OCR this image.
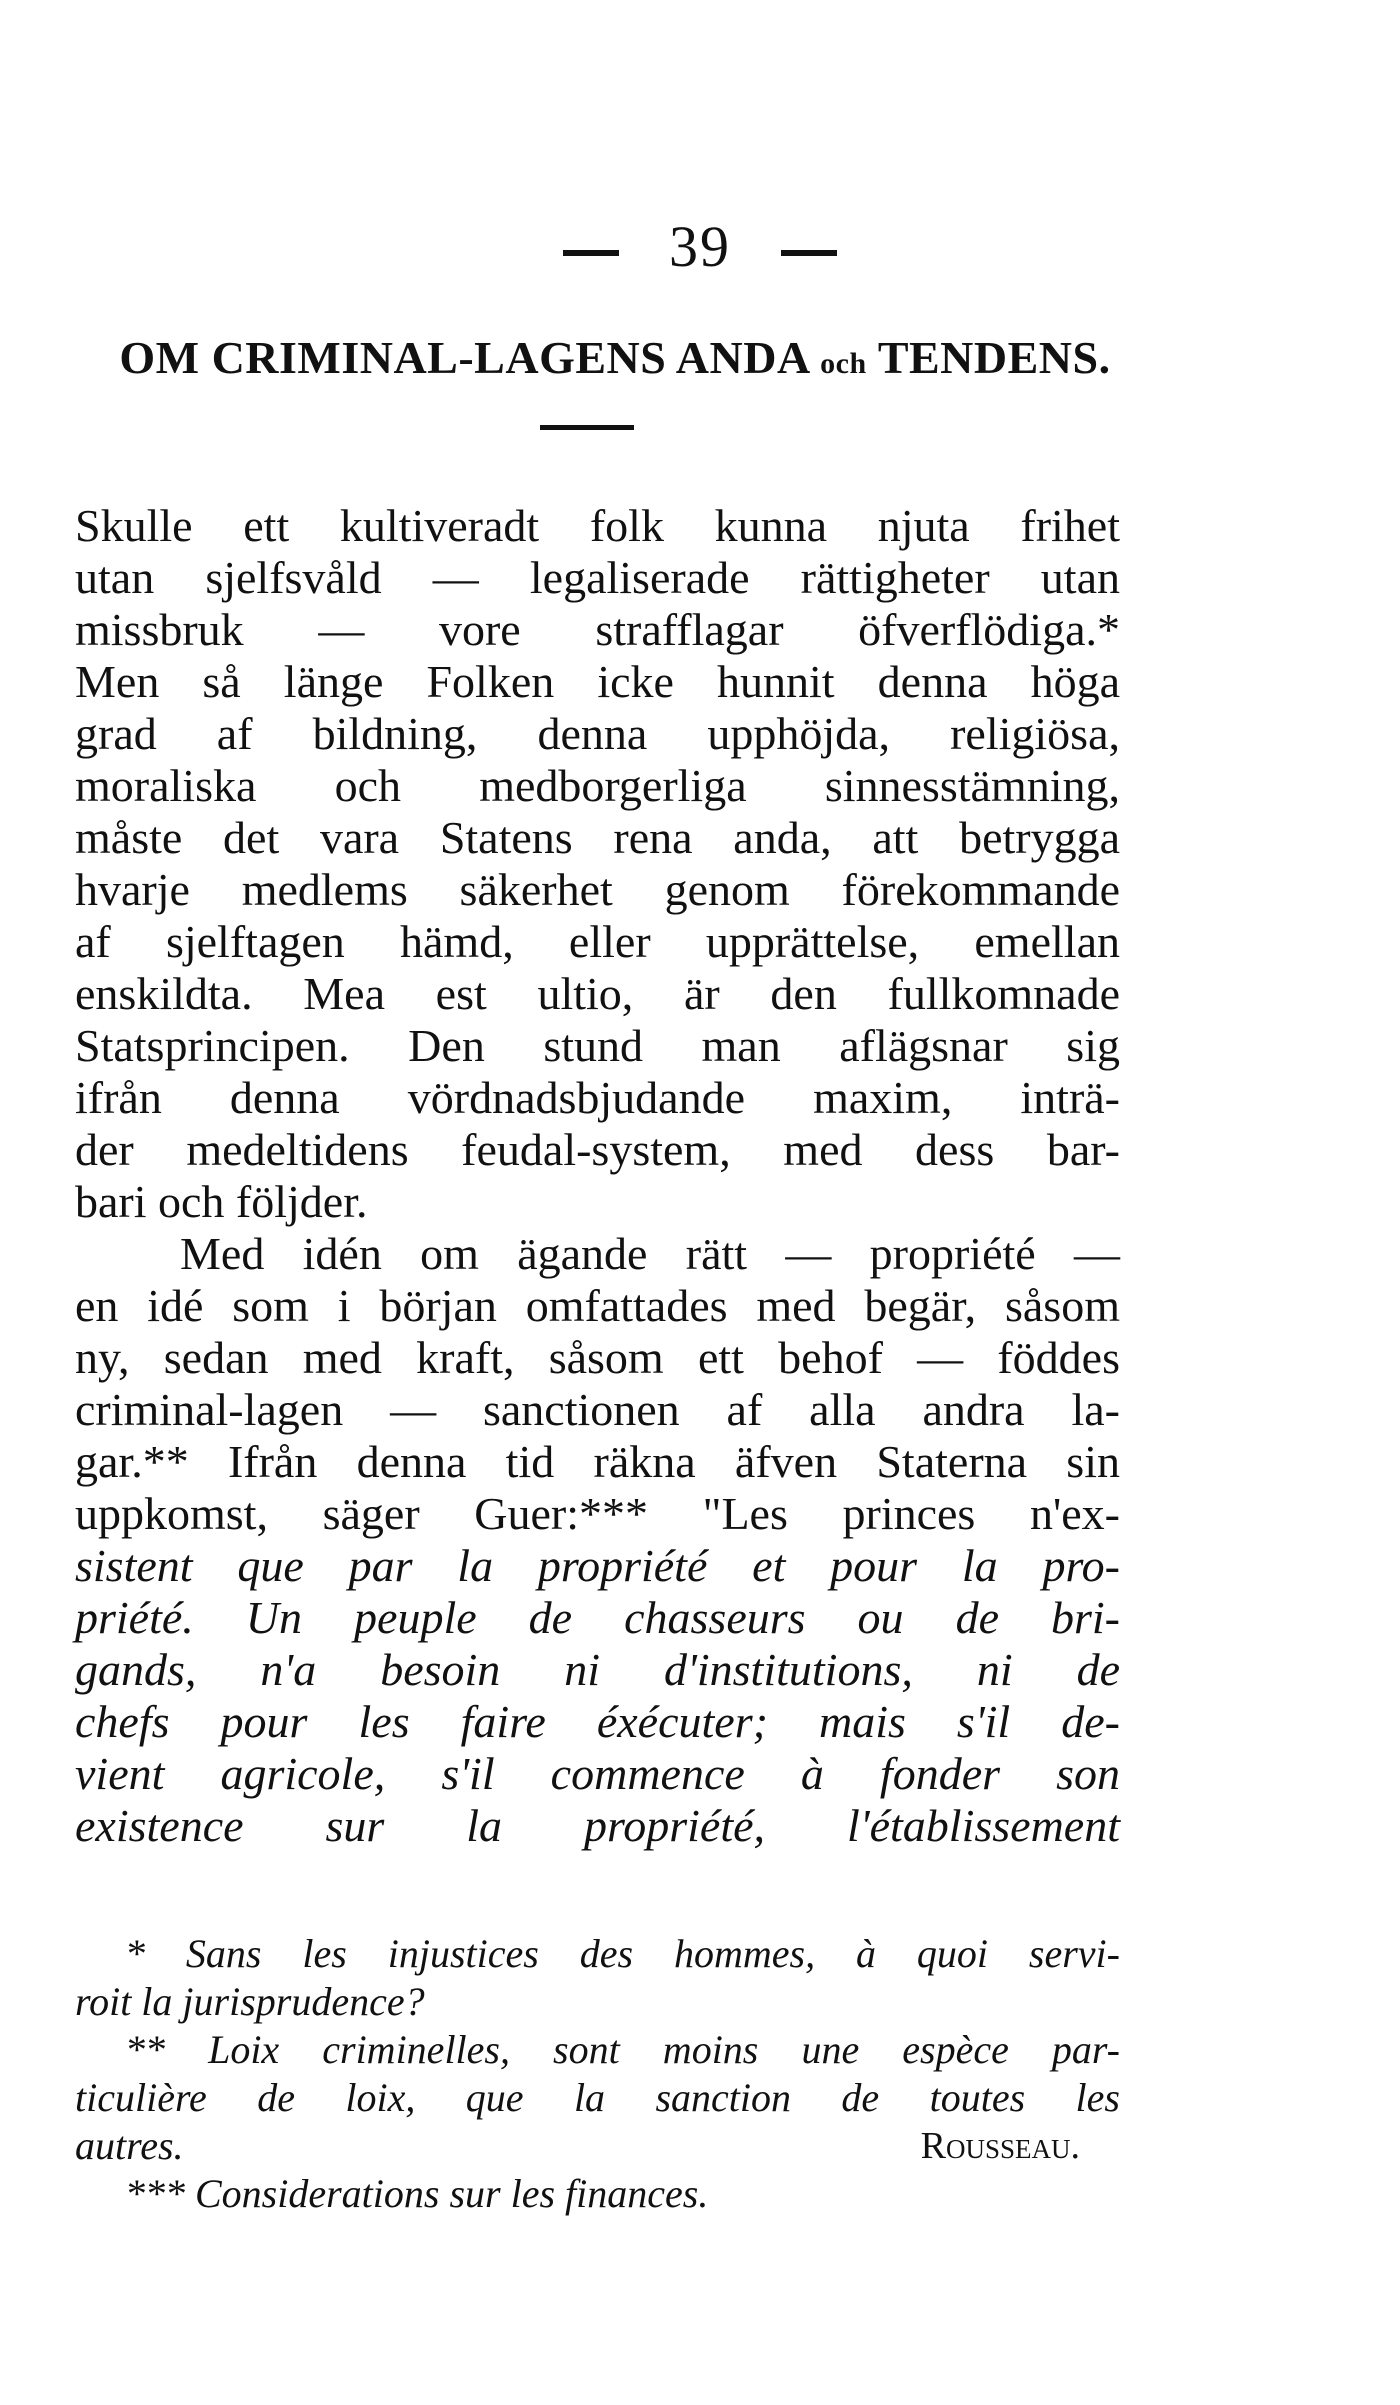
39
OM CRIMINAL-LAGENS ANDA och TENDENS.
Skulle ett kultiveradt folk kunna njuta frihet
utan sjelfsvåld — legaliserade rättigheter utan
missbruk — vore strafflagar öfverflödiga.*
Men så länge Folken icke hunnit denna höga
grad af bildning, denna upphöjda, religiösa,
moraliska och medborgerliga sinnesstämning,
måste det vara Statens rena anda, att betrygga
hvarje medlems säkerhet genom förekommande
af sjelftagen hämd, eller upprättelse, emellan
enskildta. Mea est ultio, är den fullkomnade
Statsprincipen. Den stund man aflägsnar sig
ifrån denna vördnadsbjudande maxim, inträ-
der medeltidens feudal-system, med dess bar-
bari och följder.
Med idén om ägande rätt — propriété —
en idé som i början omfattades med begär, såsom
ny, sedan med kraft, såsom ett behof — föddes
criminal-lagen — sanctionen af alla andra la-
gar.** Ifrån denna tid räkna äfven Staterna sin
uppkomst, säger Guer:*** "Les princes n'ex-
sistent que par la propriété et pour la pro-
priété. Un peuple de chasseurs ou de bri-
gands, n'a besoin ni d'institutions, ni de
chefs pour les faire éxécuter; mais s'il de-
vient agricole, s'il commence à fonder son
existence sur la propriété, l'établissement
* Sans les injustices des hommes, à quoi servi-
roit la jurisprudence?
** Loix criminelles, sont moins une espèce par-
ticulière de loix, que la sanction de toutes les
autres.	Rousseau.
*** Considerations sur les finances.
